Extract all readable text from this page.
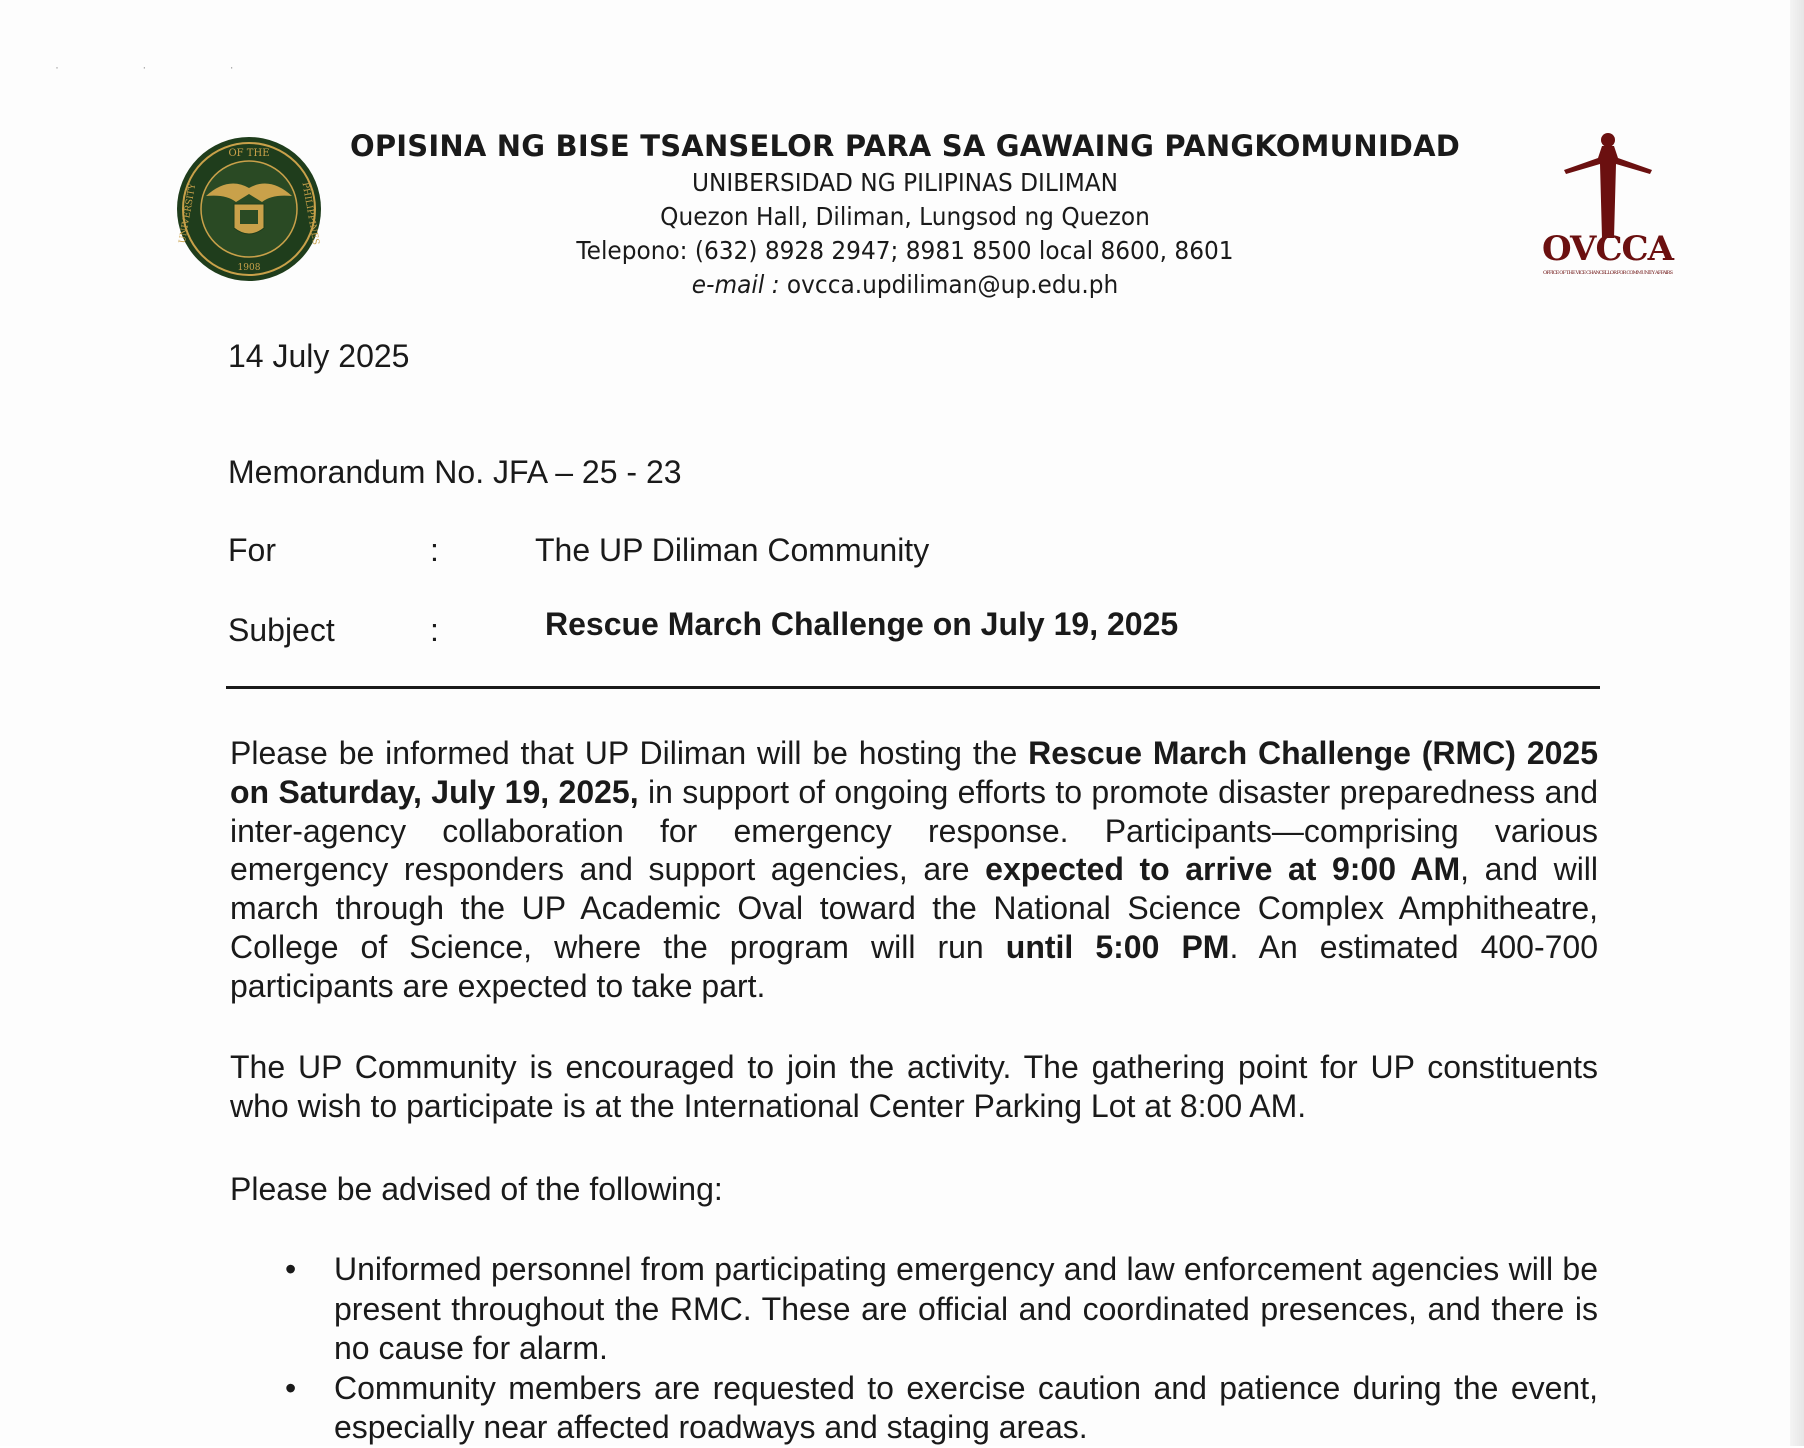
· · ·
OF THE
1908
UNIVERSITY	PHILIPPINES
OVCCA
OFFICE OF THE VICE CHANCELLOR FOR COMMUNITY AFFAIRS

OPISINA NG BISE TSANSELOR PARA SA GAWAING PANGKOMUNIDAD

UNIBERSIDAD NG PILIPINAS DILIMAN

Quezon Hall, Diliman, Lungsod ng Quezon

Telepono: (632) 8928 2947; 8981 8500 local 8600, 8601

e-mail : ovcca.updiliman@up.edu.ph

14 July 2025
Memorandum No. JFA – 25 - 23
For	:	The UP Diliman Community
Subject	:	Rescue March Challenge on July 19, 2025

Please be informed that UP Diliman will be hosting the Rescue March Challenge (RMC) 2025 on Saturday, July 19, 2025, in support of ongoing efforts to promote disaster preparedness and inter-agency collaboration for emergency response. Participants—comprising various emergency responders and support agencies, are expected to arrive at 9:00 AM, and will march through the UP Academic Oval toward the National Science Complex Amphitheatre, College of Science, where the program will run until 5:00 PM. An estimated 400-700 participants are expected to take part.

The UP Community is encouraged to join the activity. The gathering point for UP constituents who wish to participate is at the International Center Parking Lot at 8:00 AM.

Please be advised of the following:

• Uniformed personnel from participating emergency and law enforcement agencies will be present throughout the RMC. These are official and coordinated presences, and there is no cause for alarm.
• Community members are requested to exercise caution and patience during the event, especially near affected roadways and staging areas.
